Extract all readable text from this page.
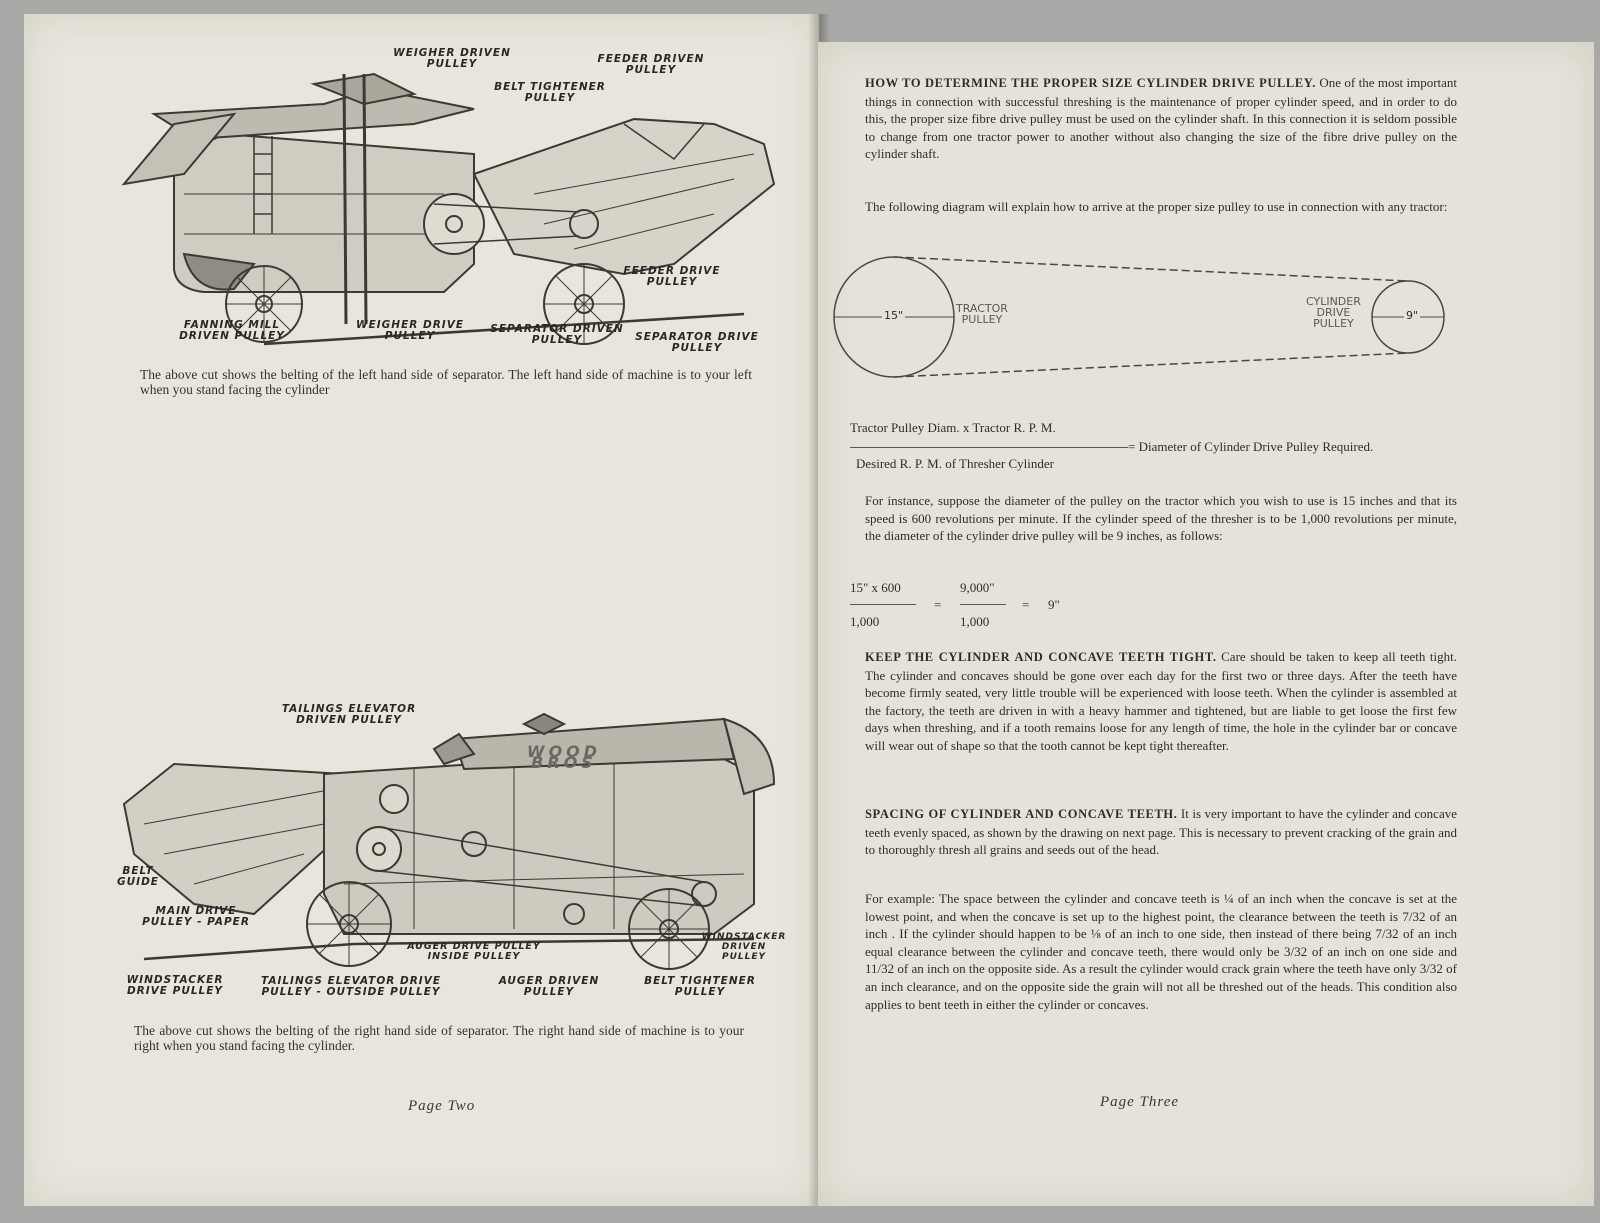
WEIGHER DRIVEN
PULLEY	FEEDER DRIVEN
PULLEY
BELT TIGHTENER
PULLEY
FEEDER DRIVE
PULLEY
FANNING MILL
DRIVEN PULLEY
WEIGHER DRIVE
PULLEY
SEPARATOR DRIVEN
PULLEY	SEPARATOR DRIVE
PULLEY
The above cut shows the belting of the left hand side of separator. The left hand side of machine is to your left when you stand facing the cylinder
WOOD BROS
TAILINGS ELEVATOR
DRIVEN PULLEY
BELT
GUIDE
MAIN DRIVE
PULLEY - PAPER
WINDSTACKER
DRIVEN
PULLEY
AUGER DRIVE PULLEY
INSIDE PULLEY
WINDSTACKER
DRIVE PULLEY
TAILINGS ELEVATOR DRIVE
PULLEY - OUTSIDE PULLEY
AUGER DRIVEN
PULLEY
BELT TIGHTENER
PULLEY
The above cut shows the belting of the right hand side of separator. The right hand side of machine is to your right when you stand facing the cylinder.
Page Two
HOW TO DETERMINE THE PROPER SIZE CYLINDER DRIVE PULLEY. One of the most important things in connection with successful threshing is the maintenance of proper cylinder speed, and in order to do this, the proper size fibre drive pulley must be used on the cylinder shaft. In this connection it is seldom possible to change from one tractor power to another without also changing the size of the fibre drive pulley on the cylinder shaft.
The following diagram will explain how to arrive at the proper size pulley to use in connection with any tractor:
15"
TRACTOR
PULLEY
CYLINDER
DRIVE
PULLEY
9"
Tractor Pulley Diam. x Tractor R. P. M.
= Diameter of Cylinder Drive Pulley Required.
Desired R. P. M. of Thresher Cylinder
For instance, suppose the diameter of the pulley on the tractor which you wish to use is 15 inches and that its speed is 600 revolutions per minute. If the cylinder speed of the thresher is to be 1,000 revolutions per minute, the diameter of the cylinder drive pulley will be 9 inches, as follows:
15" x 600
1,000
=
9,000"
1,000
= 9"
KEEP THE CYLINDER AND CONCAVE TEETH TIGHT. Care should be taken to keep all teeth tight. The cylinder and concaves should be gone over each day for the first two or three days. After the teeth have become firmly seated, very little trouble will be experienced with loose teeth. When the cylinder is assembled at the factory, the teeth are driven in with a heavy hammer and tightened, but are liable to get loose the first few days when threshing, and if a tooth remains loose for any length of time, the hole in the cylinder bar or concave will wear out of shape so that the tooth cannot be kept tight thereafter.
SPACING OF CYLINDER AND CONCAVE TEETH. It is very important to have the cylinder and concave teeth evenly spaced, as shown by the drawing on next page. This is necessary to prevent cracking of the grain and to thoroughly thresh all grains and seeds out of the head.
For example: The space between the cylinder and concave teeth is ¼ of an inch when the concave is set at the lowest point, and when the concave is set up to the highest point, the clearance between the teeth is 7/32 of an inch . If the cylinder should happen to be ⅛ of an inch to one side, then instead of there being 7/32 of an inch equal clearance between the cylinder and concave teeth, there would only be 3/32 of an inch on one side and 11/32 of an inch on the opposite side. As a result the cylinder would crack grain where the teeth have only 3/32 of an inch clearance, and on the opposite side the grain will not all be threshed out of the heads. This condition also applies to bent teeth in either the cylinder or concaves.
Page Three
